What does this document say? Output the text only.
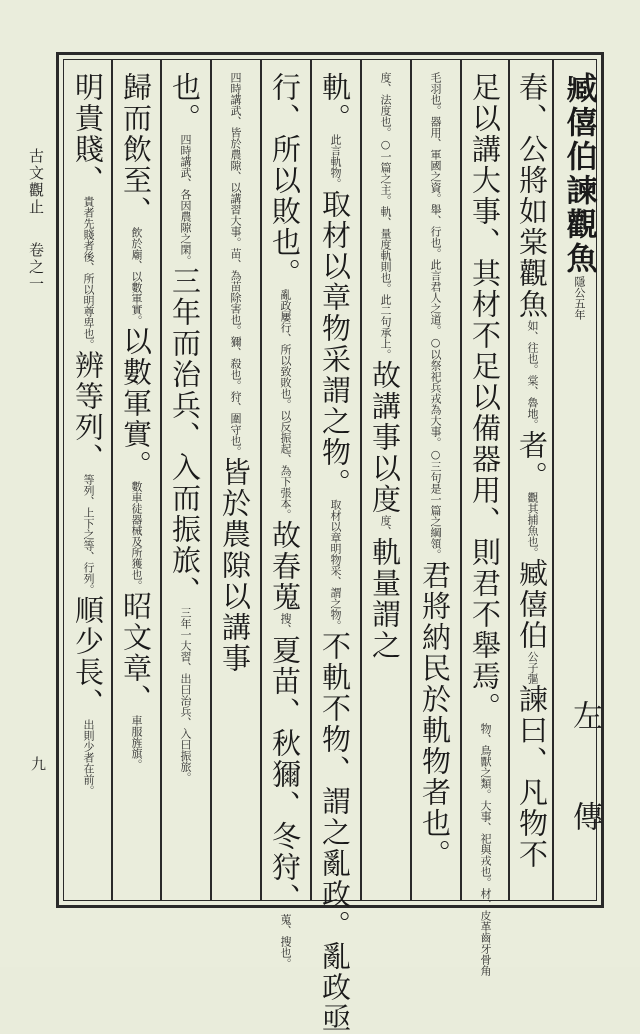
古文觀止卷之一
九
臧僖伯諫觀魚
隱公五年
春、公將如棠觀魚
如、往也。棠、魯地。
者。
觀其捕魚也。
臧僖伯
公子彄
諫曰、凡物不
足以講大事、其材不足以備器用、則君不舉焉。
物、鳥獸之類。大事、祀與戎也。材、皮革齒牙骨角
毛羽也。器用、軍國之資。舉、行也。此言君人之道。○以祭祀兵戎為大事。○三句是一篇之綱領。
君將納民於軌物者也。
度、法度也。○一篇之主。軌、量度軌則也。此二句承上。
故講事以度
度、
軌量謂之
軌。
此言軌物。
取材以章物采謂之物。
取材以章明物采、謂之物。
不軌不物、謂之亂政。亂政亟
行、所以敗也。
亂政屢行、所以致敗也。以反振起、為下張本。
故春蒐
搜、
夏苗、秋獮、冬狩、
蒐、搜也。
四時講武、皆於農隙、以講習大事。
苗、為苗除害也。獮、殺也。狩、圍守也。
皆於農隙以講事
也。
四時講武、各因農隙之閑。
三年而治兵、入而振旅、
三年一大習、出曰治兵、入曰振旅。
歸而飲至、
飲於廟、以數軍實。
以數軍實。
數車徒器械及所獲也。
昭文章、
車服旌旗。
明貴賤、
貴者先賤者後、所以明尊卑也。
辨等列、
等列、上下之等、行列。
順少長、
出則少者在前。	左 傳
